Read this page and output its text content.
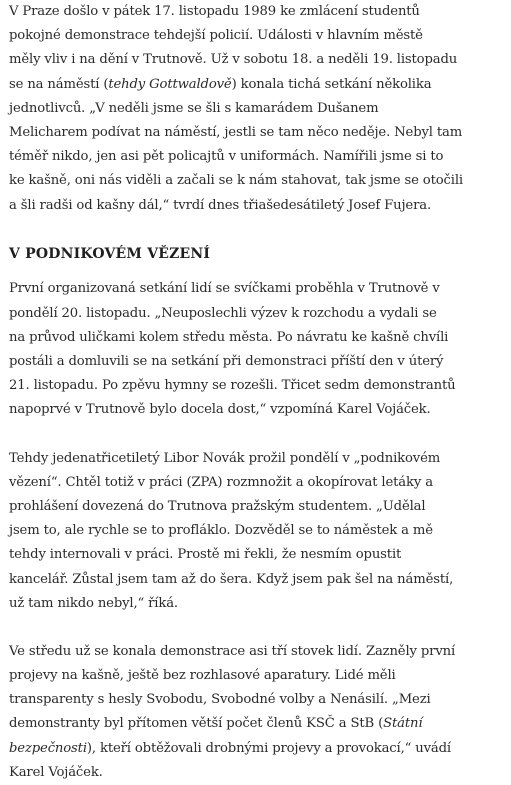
V Praze došlo v pátek 17. listopadu 1989 ke zmlácení studentů
pokojné demonstrace tehdejší policií. Události v hlavním městě
měly vliv i na dění v Trutnově. Už v sobotu 18. a neděli 19. listopadu
se na náměstí (tehdy Gottwaldově) konala tichá setkání několika
jednotlivců. „V neděli jsme se šli s kamarádem Dušanem
Melicharem podívat na náměstí, jestli se tam něco neděje. Nebyl tam
téměř nikdo, jen asi pět policajtů v uniformách. Namířili jsme si to
ke kašně, oni nás viděli a začali se k nám stahovat, tak jsme se otočili
a šli radši od kašny dál,“ tvrdí dnes třiašedesátiletý Josef Fujera.

V PODNIKOVÉM VĚZENÍ

První organizovaná setkání lidí se svíčkami proběhla v Trutnově v
pondělí 20. listopadu. „Neuposlechli výzev k rozchodu a vydali se
na průvod uličkami kolem středu města. Po návratu ke kašně chvíli
postáli a domluvili se na setkání při demonstraci příští den v úterý
21. listopadu. Po zpěvu hymny se rozešli. Třicet sedm demonstrantů
napoprvé v Trutnově bylo docela dost,“ vzpomíná Karel Vojáček.

Tehdy jedenatřicetiletý Libor Novák prožil pondělí v „podnikovém
vězení“. Chtěl totiž v práci (ZPA) rozmnožit a okopírovat letáky a
prohlášení dovezená do Trutnova pražským studentem. „Udělal
jsem to, ale rychle se to profláklo. Dozvěděl se to náměstek a mě
tehdy internovali v práci. Prostě mi řekli, že nesmím opustit
kancelář. Zůstal jsem tam až do šera. Když jsem pak šel na náměstí,
už tam nikdo nebyl,“ říká.

Ve středu už se konala demonstrace asi tří stovek lidí. Zazněly první
projevy na kašně, ještě bez rozhlasové aparatury. Lidé měli
transparenty s hesly Svobodu, Svobodné volby a Nenásilí. „Mezi
demonstranty byl přítomen větší počet členů KSČ a StB (Státní
bezpečnosti), kteří obtěžovali drobnými projevy a provokací,“ uvádí
Karel Vojáček.
